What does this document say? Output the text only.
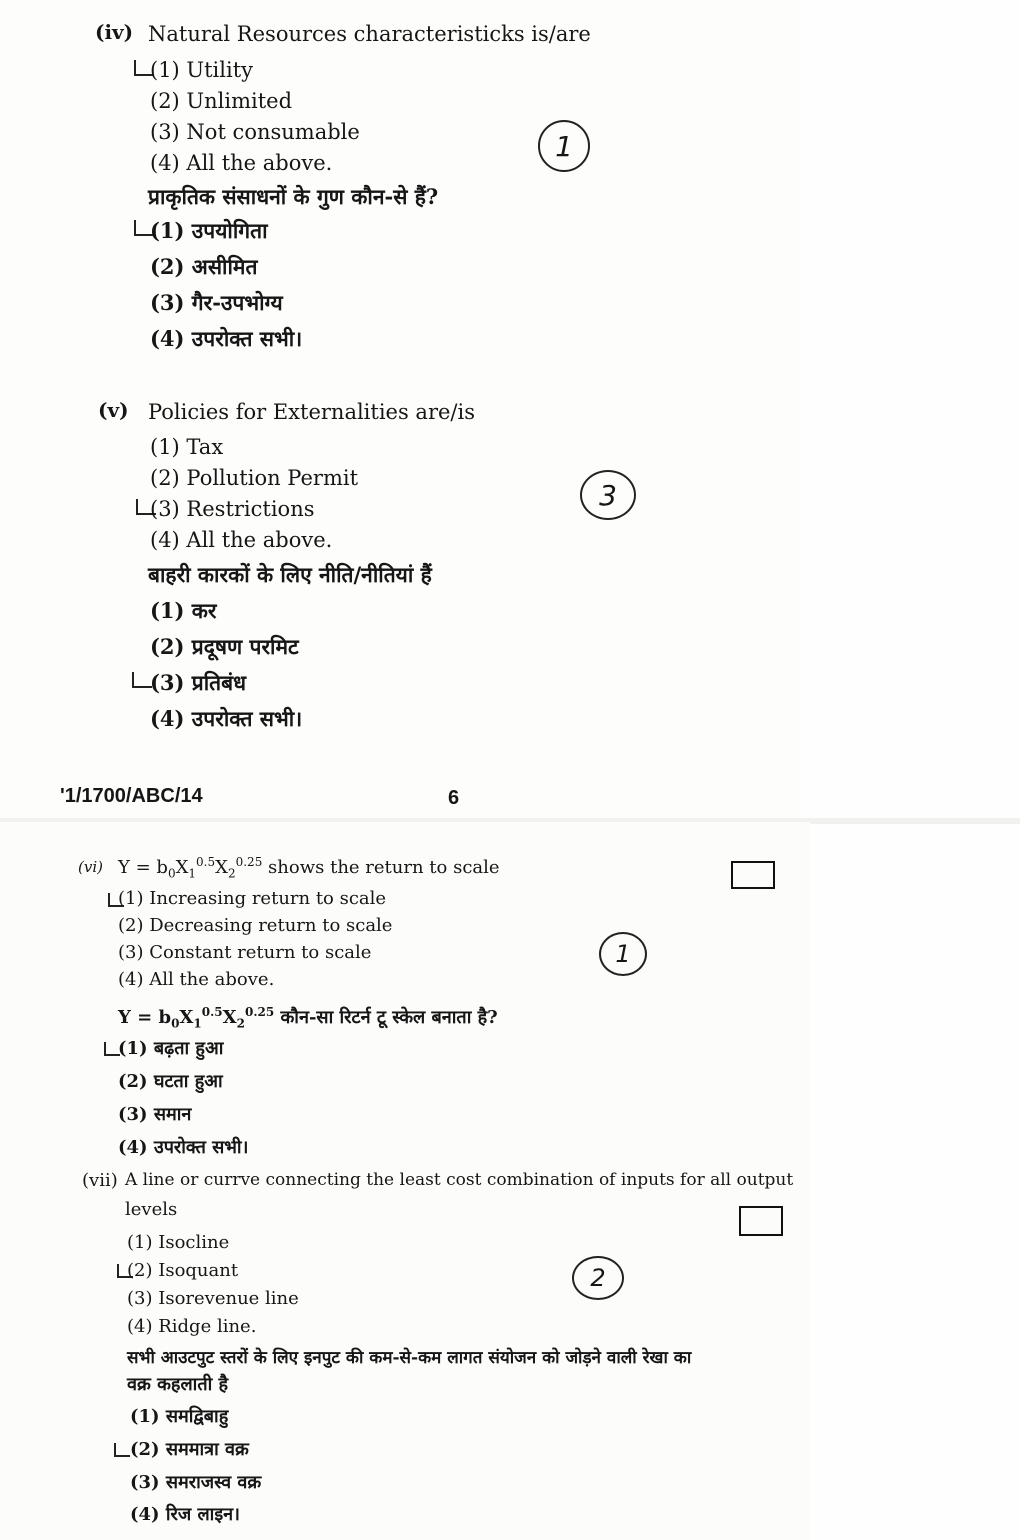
(iv) Natural Resources characteristicks is/are
(1) Utility
(2) Unlimited
(3) Not consumable
(4) All the above.
1
प्राकृतिक संसाधनों के गुण कौन-से हैं?
(1) उपयोगिता
(2) असीमित
(3) गैर-उपभोग्य
(4) उपरोक्त सभी।
(v) Policies for Externalities are/is
(1) Tax
(2) Pollution Permit
(3) Restrictions
(4) All the above.
3
बाहरी कारकों के लिए नीति/नीतियां हैं
(1) कर
(2) प्रदूषण परमिट
(3) प्रतिबंध
(4) उपरोक्त सभी।
'1/1700/ABC/14	6
(vi) $Y = b_0X_1^{0.5}X_2^{0.25}$ shows the return to scale
(1) Increasing return to scale
(2) Decreasing return to scale
(3) Constant return to scale
(4) All the above.
1
$Y = b_0X_1^{0.5}X_2^{0.25}$ कौन-सा रिटर्न टू स्केल बनाता है?
(1) बढ़ता हुआ
(2) घटता हुआ
(3) समान
(4) उपरोक्त सभी।
(vii) A line or currve connecting the least cost combination of inputs for all output
levels
(1) Isocline
(2) Isoquant
(3) Isorevenue line
(4) Ridge line.
2
सभी आउटपुट स्तरों के लिए इनपुट की कम-से-कम लागत संयोजन को जोड़ने वाली रेखा का
वक्र कहलाती है
(1) समद्विबाहु
(2) सममात्रा वक्र
(3) समराजस्व वक्र
(4) रिज लाइन।
